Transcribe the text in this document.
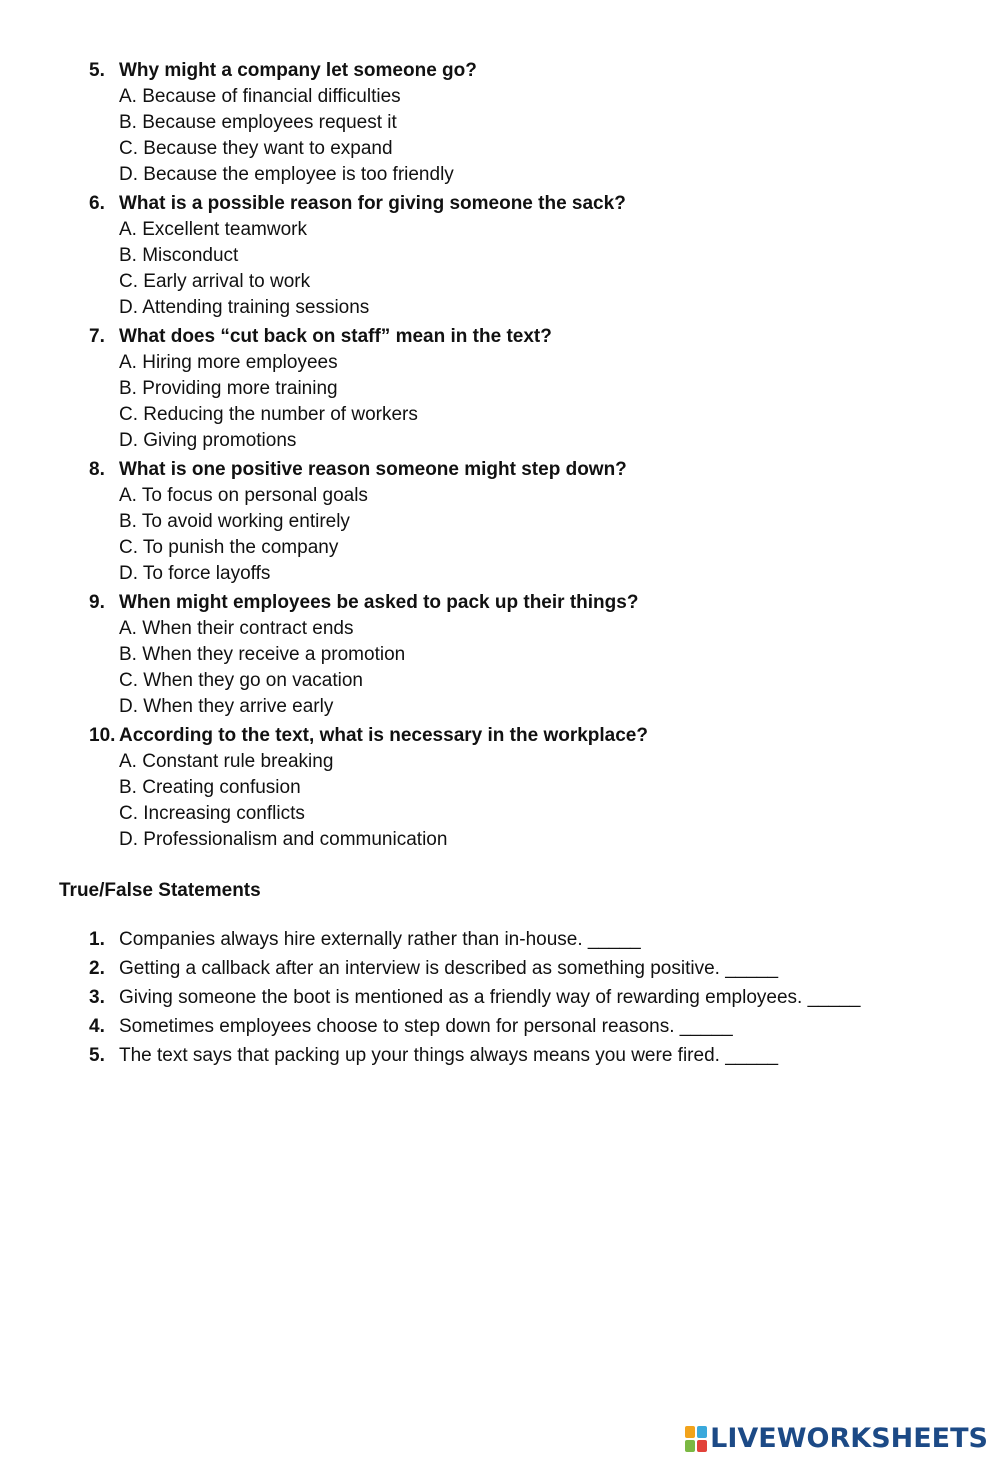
5. Why might a company let someone go?
A. Because of financial difficulties
B. Because employees request it
C. Because they want to expand
D. Because the employee is too friendly
6. What is a possible reason for giving someone the sack?
A. Excellent teamwork
B. Misconduct
C. Early arrival to work
D. Attending training sessions
7. What does “cut back on staff” mean in the text?
A. Hiring more employees
B. Providing more training
C. Reducing the number of workers
D. Giving promotions
8. What is one positive reason someone might step down?
A. To focus on personal goals
B. To avoid working entirely
C. To punish the company
D. To force layoffs
9. When might employees be asked to pack up their things?
A. When their contract ends
B. When they receive a promotion
C. When they go on vacation
D. When they arrive early
10. According to the text, what is necessary in the workplace?
A. Constant rule breaking
B. Creating confusion
C. Increasing conflicts
D. Professionalism and communication
True/False Statements
1. Companies always hire externally rather than in-house. _____
2. Getting a callback after an interview is described as something positive. _____
3. Giving someone the boot is mentioned as a friendly way of rewarding employees. _____
4. Sometimes employees choose to step down for personal reasons. _____
5. The text says that packing up your things always means you were fired. _____
LIVEWORKSHEETS
